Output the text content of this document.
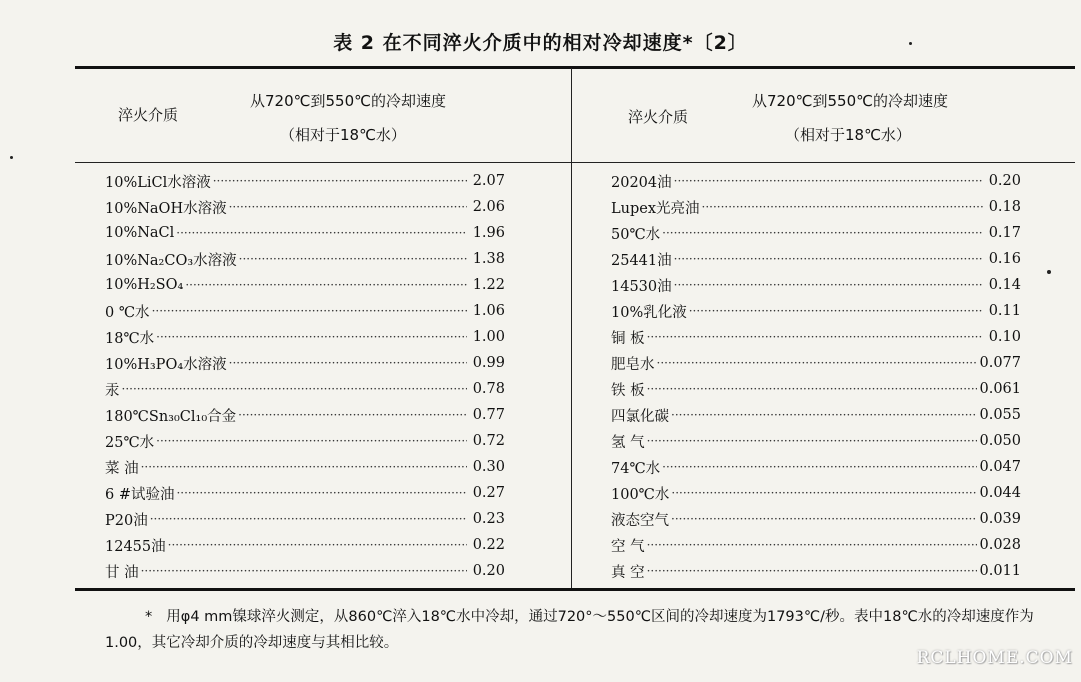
表 2 在不同淬火介质中的相对冷却速度*〔2〕
淬火介质
从720℃到550℃的冷却速度
（相对于18℃水）
淬火介质
从720℃到550℃的冷却速度
（相对于18℃水）
10%LiCl水溶液 ·····	2.07
10%NaOH水溶液 ·····	2.06
10%NaCl ·····	1.96
10%Na₂CO₃水溶液 ·····	1.38
10%H₂SO₄ ·····	1.22
0 ℃水 ·····	1.06
18℃水 ·····	1.00
10%H₃PO₄水溶液 ·····	0.99
汞 ·····	0.78
180℃Sn₃₀Cl₁₀合金 ·····	0.77
25℃水 ·····	0.72
菜 油 ·····	0.30
6 #试验油 ·····	0.27
P20油 ·····	0.23
12455油 ·····	0.22
甘 油 ·····	0.20
20204油 ·····	0.20
Lupex光亮油 ·····	0.18
50℃水 ·····	0.17
25441油 ·····	0.16
14530油 ·····	0.14
10%乳化液 ·····	0.11
铜 板 ·····	0.10
肥皂水 ·····	0.077
铁 板 ·····	0.061
四氯化碳 ·····	0.055
氢 气 ·····	0.050
74℃水 ·····	0.047
100℃水 ·····	0.044
液态空气 ·····	0.039
空 气 ·····	0.028
真 空 ·····	0.011
* 用φ4 mm镍球淬火测定，从860℃淬入18℃水中冷却，通过720°～550℃区间的冷却速度为1793℃/秒。表中18℃水的冷却速度作为1.00，其它冷却介质的冷却速度与其相比较。
RCLHOME.COM
